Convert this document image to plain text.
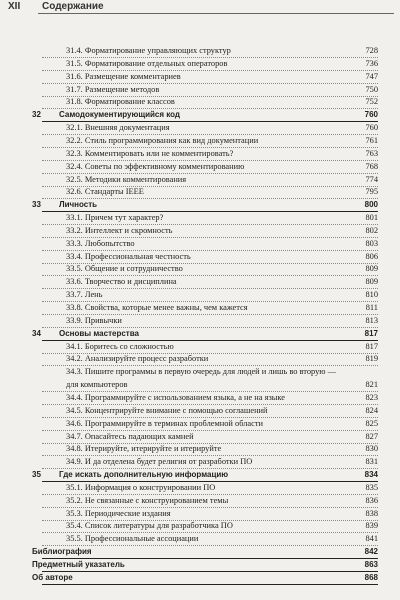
XII Содержание
31.4. Форматирование управляющих структур	728
31.5. Форматирование отдельных операторов	736
31.6. Размещение комментариев	747
31.7. Размещение методов	750
31.8. Форматирование классов	752
32 Самодокументирующийся код	760
32.1. Внешняя документация	760
32.2. Стиль программирования как вид документации	761
32.3. Комментировать или не комментировать?	763
32.4. Советы по эффективному комментированию	768
32.5. Методики комментирования	774
32.6. Стандарты IEEE	795
33 Личность	800
33.1. Причем тут характер?	801
33.2. Интеллект и скромность	802
33.3. Любопытство	803
33.4. Профессиональная честность	806
33.5. Общение и сотрудничество	809
33.6. Творчество и дисциплина	809
33.7. Лень	810
33.8. Свойства, которые менее важны, чем кажется	811
33.9. Привычки	813
34 Основы мастерства	817
34.1. Боритесь со сложностью	817
34.2. Анализируйте процесс разработки	819
34.3. Пишите программы в первую очередь для людей и лишь во вторую —
для компьютеров	821
34.4. Программируйте с использованием языка, а не на языке	823
34.5. Концентрируйте внимание с помощью соглашений	824
34.6. Программируйте в терминах проблемной области	825
34.7. Опасайтесь падающих камней	827
34.8. Итерируйте, итерируйте и итерируйте	830
34.9. И да отделена будет религия от разработки ПО	831
35 Где искать дополнительную информацию	834
35.1. Информация о конструировании ПО	835
35.2. Не связанные с конструированием темы	836
35.3. Периодические издания	838
35.4. Список литературы для разработчика ПО	839
35.5. Профессиональные ассоциации	841
Библиография	842
Предметный указатель	863
Об авторе	868
